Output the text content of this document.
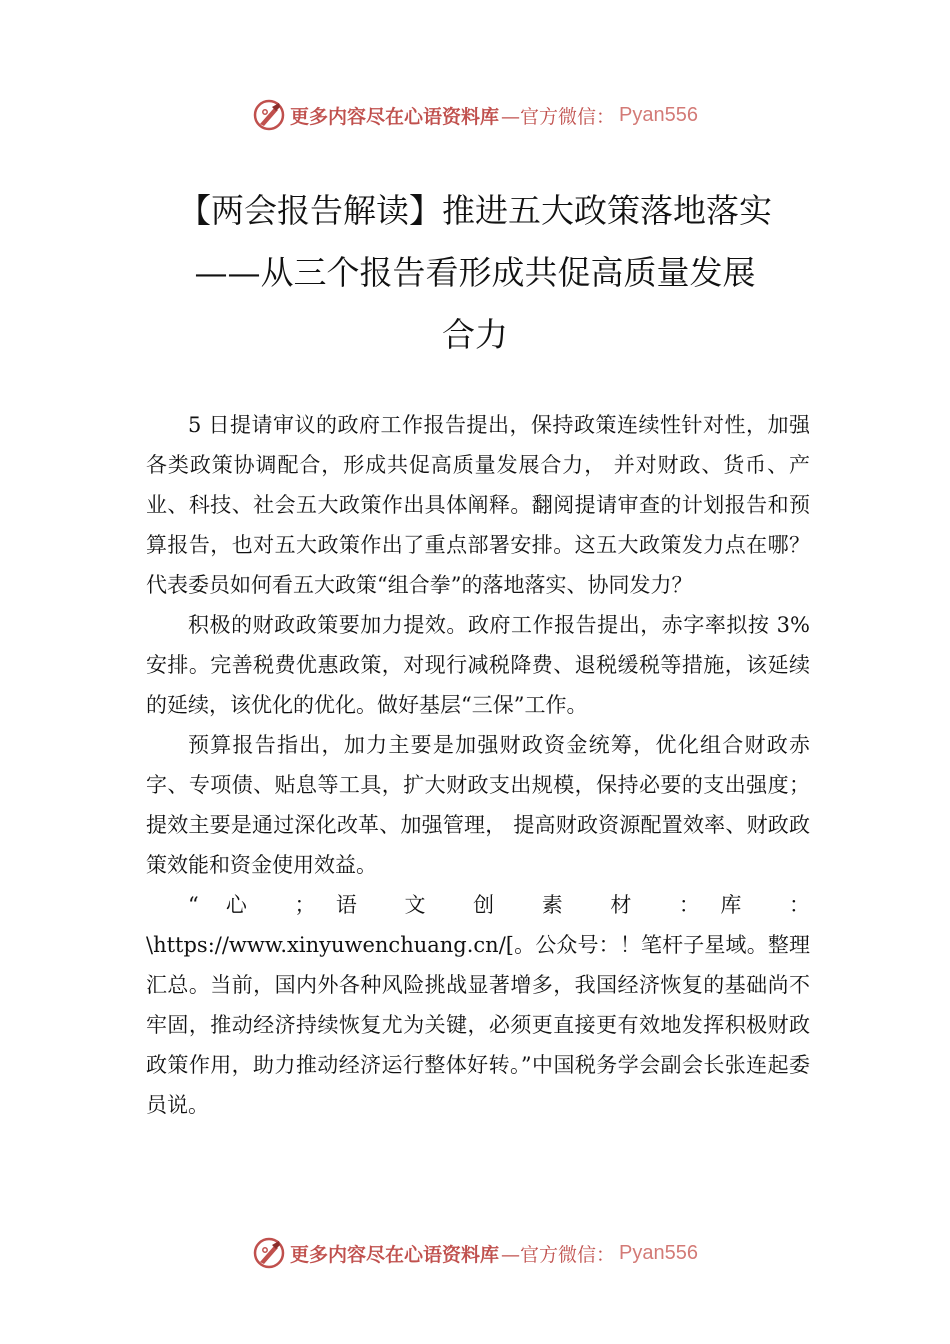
更多内容尽在心语资料库 —官方微信： Pyan556
【两会报告解读】推进五大政策落地落实
——从三个报告看形成共促高质量发展
合力

5 日提请审议的政府工作报告提出，保持政策连续性针对性，加强各类政策协调配合，形成共促高质量发展合力， 并对财政、货币、产业、科技、社会五大政策作出具体阐释。翻阅提请审查的计划报告和预算报告，也对五大政策作出了重点部署安排。这五大政策发力点在哪？代表委员如何看五大政策“组合拳”的落地落实、协同发力？

积极的财政政策要加力提效。政府工作报告提出，赤字率拟按 3%安排。完善税费优惠政策，对现行减税降费、退税缓税等措施，该延续的延续，该优化的优化。做好基层“三保”工作。

预算报告指出，加力主要是加强财政资金统筹，优化组合财政赤字、专项债、贴息等工具，扩大财政支出规模，保持必要的支出强度；提效主要是通过深化改革、加强管理， 提高财政资源配置效率、财政政策效能和资金使用效益。

“ 心 ；语 文 创 素 材 ：库 ： \https://www.xinyuwenchuang.cn/[。公众号：！笔杆子星域。整理汇总。当前，国内外各种风险挑战显著增多，我国经济恢复的基础尚不牢固，推动经济持续恢复尤为关键，必须更直接更有效地发挥积极财政政策作用，助力推动经济运行整体好转。”中国税务学会副会长张连起委员说。

更多内容尽在心语资料库 —官方微信： Pyan556
